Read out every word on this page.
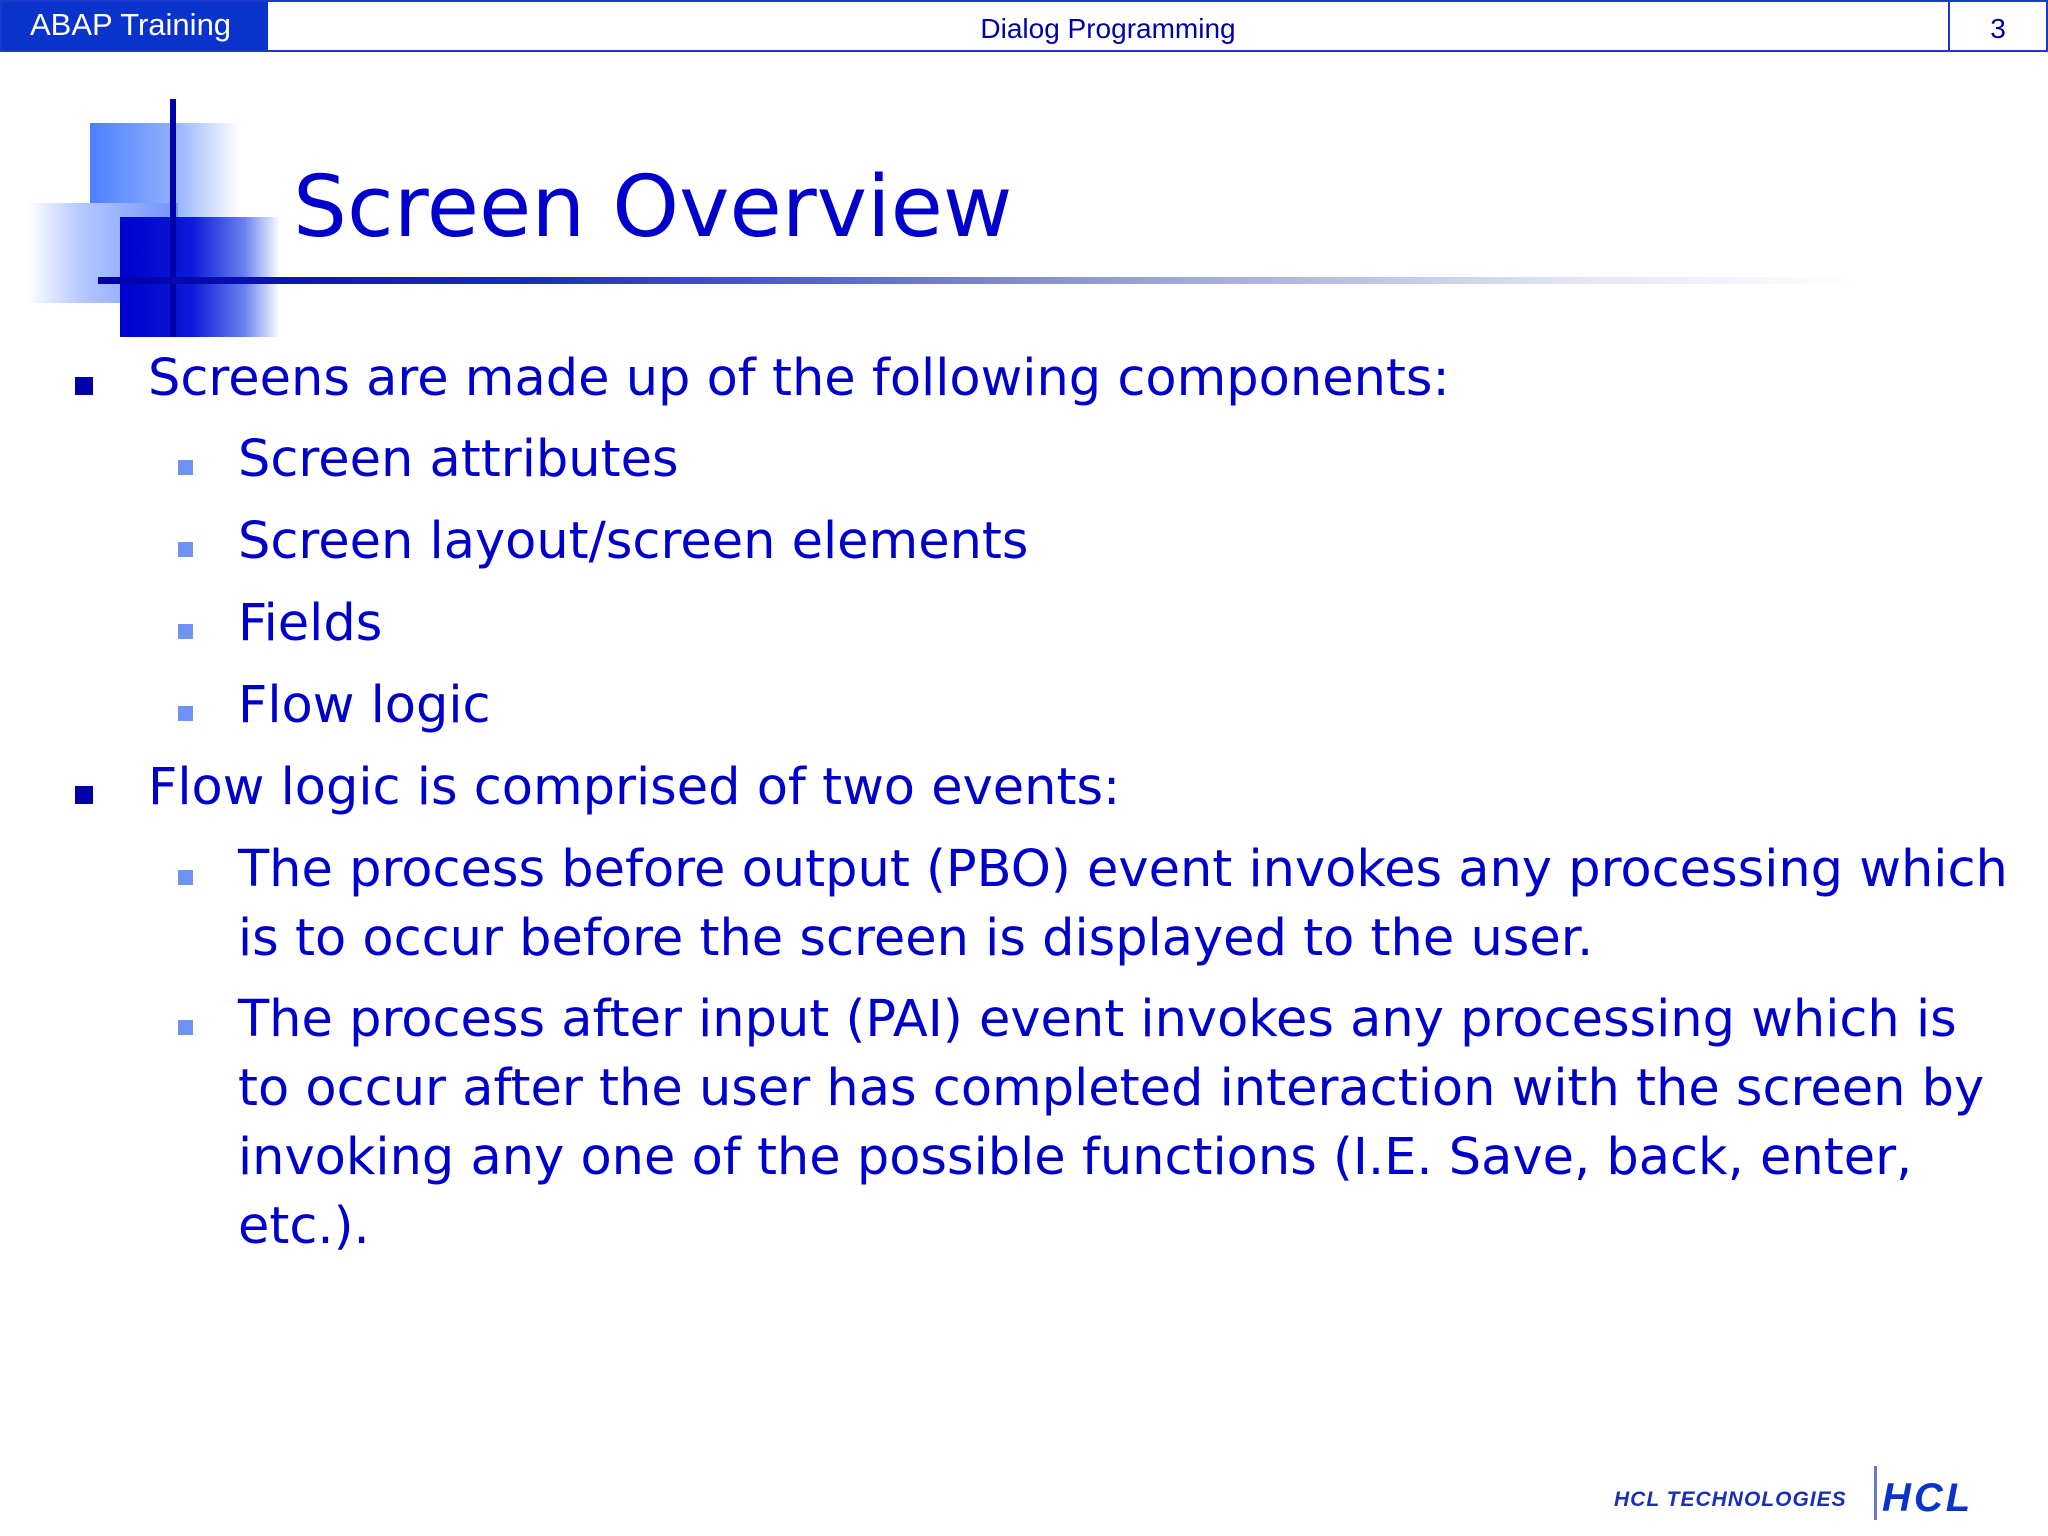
ABAP Training	Dialog Programming	3
Screen Overview
Screens are made up of the following components:
Screen attributes
Screen layout/screen elements
Fields
Flow logic
Flow logic is comprised of two events:
The process before output (PBO) event invokes any processing which is to occur before the screen is displayed to the user.
The process after input (PAI) event invokes any processing which is to occur after the user has completed interaction with the screen by invoking any one of the possible functions (I.E. Save, back, enter, etc.).
HCL TECHNOLOGIES HCL
